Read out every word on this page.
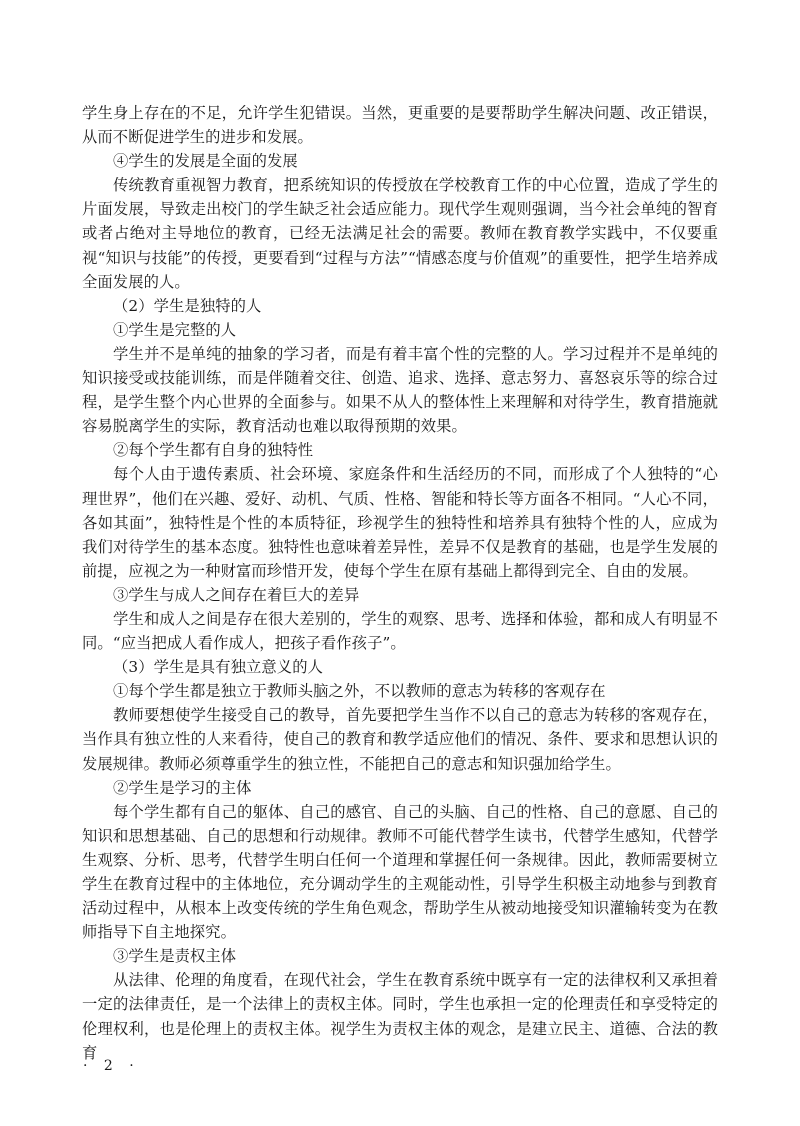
学生身上存在的不足，允许学生犯错误。当然，更重要的是要帮助学生解决问题、改正错误，从而不断促进学生的进步和发展。

④学生的发展是全面的发展

传统教育重视智力教育，把系统知识的传授放在学校教育工作的中心位置，造成了学生的片面发展，导致走出校门的学生缺乏社会适应能力。现代学生观则强调，当今社会单纯的智育或者占绝对主导地位的教育，已经无法满足社会的需要。教师在教育教学实践中，不仅要重视“知识与技能”的传授，更要看到“过程与方法”“情感态度与价值观”的重要性，把学生培养成全面发展的人。

（2）学生是独特的人

①学生是完整的人

学生并不是单纯的抽象的学习者，而是有着丰富个性的完整的人。学习过程并不是单纯的知识接受或技能训练，而是伴随着交往、创造、追求、选择、意志努力、喜怒哀乐等的综合过程，是学生整个内心世界的全面参与。如果不从人的整体性上来理解和对待学生，教育措施就容易脱离学生的实际，教育活动也难以取得预期的效果。

②每个学生都有自身的独特性

每个人由于遗传素质、社会环境、家庭条件和生活经历的不同，而形成了个人独特的“心理世界”，他们在兴趣、爱好、动机、气质、性格、智能和特长等方面各不相同。“人心不同，各如其面”，独特性是个性的本质特征，珍视学生的独特性和培养具有独特个性的人，应成为我们对待学生的基本态度。独特性也意味着差异性，差异不仅是教育的基础，也是学生发展的前提，应视之为一种财富而珍惜开发，使每个学生在原有基础上都得到完全、自由的发展。

③学生与成人之间存在着巨大的差异

学生和成人之间是存在很大差别的，学生的观察、思考、选择和体验，都和成人有明显不同。“应当把成人看作成人，把孩子看作孩子”。

（3）学生是具有独立意义的人

①每个学生都是独立于教师头脑之外，不以教师的意志为转移的客观存在

教师要想使学生接受自己的教导，首先要把学生当作不以自己的意志为转移的客观存在，当作具有独立性的人来看待，使自己的教育和教学适应他们的情况、条件、要求和思想认识的发展规律。教师必须尊重学生的独立性，不能把自己的意志和知识强加给学生。

②学生是学习的主体

每个学生都有自己的躯体、自己的感官、自己的头脑、自己的性格、自己的意愿、自己的知识和思想基础、自己的思想和行动规律。教师不可能代替学生读书，代替学生感知，代替学生观察、分析、思考，代替学生明白任何一个道理和掌握任何一条规律。因此，教师需要树立学生在教育过程中的主体地位，充分调动学生的主观能动性，引导学生积极主动地参与到教育活动过程中，从根本上改变传统的学生角色观念，帮助学生从被动地接受知识灌输转变为在教师指导下自主地探究。

③学生是责权主体

从法律、伦理的角度看，在现代社会，学生在教育系统中既享有一定的法律权利又承担着一定的法律责任，是一个法律上的责权主体。同时，学生也承担一定的伦理责任和享受特定的伦理权利，也是伦理上的责权主体。视学生为责权主体的观念，是建立民主、道德、合法的教育

· 2 ·
